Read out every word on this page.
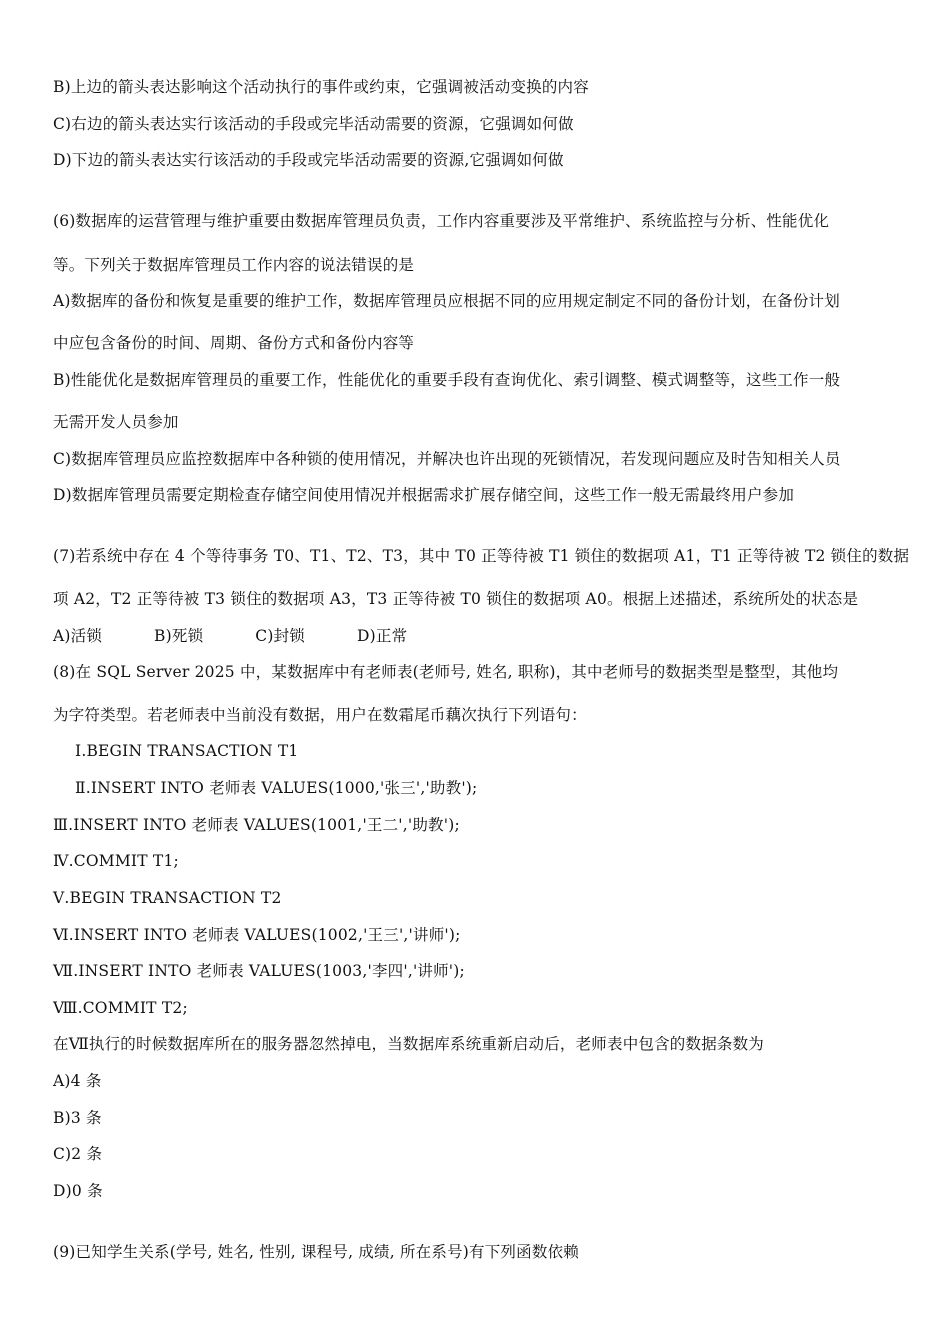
B)上边的箭头表达影响这个活动执行的事件或约束，它强调被活动变换的内容
C)右边的箭头表达实行该活动的手段或完毕活动需要的资源，它强调如何做
D)下边的箭头表达实行该活动的手段或完毕活动需要的资源,它强调如何做
(6)数据库的运营管理与维护重要由数据库管理员负责，工作内容重要涉及平常维护、系统监控与分析、性能优化
等。下列关于数据库管理员工作内容的说法错误的是
A)数据库的备份和恢复是重要的维护工作，数据库管理员应根据不同的应用规定制定不同的备份计划，在备份计划
中应包含备份的时间、周期、备份方式和备份内容等
B)性能优化是数据库管理员的重要工作，性能优化的重要手段有查询优化、索引调整、模式调整等，这些工作一般
无需开发人员参加
C)数据库管理员应监控数据库中各种锁的使用情况，并解决也许出现的死锁情况，若发现问题应及时告知相关人员
D)数据库管理员需要定期检查存储空间使用情况并根据需求扩展存储空间，这些工作一般无需最终用户参加
(7)若系统中存在 4 个等待事务 T0、T1、T2、T3，其中 T0 正等待被 T1 锁住的数据项 A1，T1 正等待被 T2 锁住的数据
项 A2，T2 正等待被 T3 锁住的数据项 A3，T3 正等待被 T0 锁住的数据项 A0。根据上述描述，系统所处的状态是
A)活锁	B)死锁	C)封锁	D)正常
(8)在 SQL Server 2025 中，某数据库中有老师表(老师号, 姓名, 职称)，其中老师号的数据类型是整型，其他均
为字符类型。若老师表中当前没有数据，用户在数霜尾币藕次执行下列语句：
Ⅰ.BEGIN TRANSACTION T1
Ⅱ.INSERT INTO 老师表 VALUES(1000,'张三','助教');
Ⅲ.INSERT INTO 老师表 VALUES(1001,'王二','助教');
Ⅳ.COMMIT T1;
Ⅴ.BEGIN TRANSACTION T2
Ⅵ.INSERT INTO 老师表 VALUES(1002,'王三','讲师');
Ⅶ.INSERT INTO 老师表 VALUES(1003,'李四','讲师');
Ⅷ.COMMIT T2;
在Ⅶ执行的时候数据库所在的服务器忽然掉电，当数据库系统重新启动后，老师表中包含的数据条数为
A)4 条
B)3 条
C)2 条
D)0 条
(9)已知学生关系(学号, 姓名, 性别, 课程号, 成绩, 所在系号)有下列函数依赖
